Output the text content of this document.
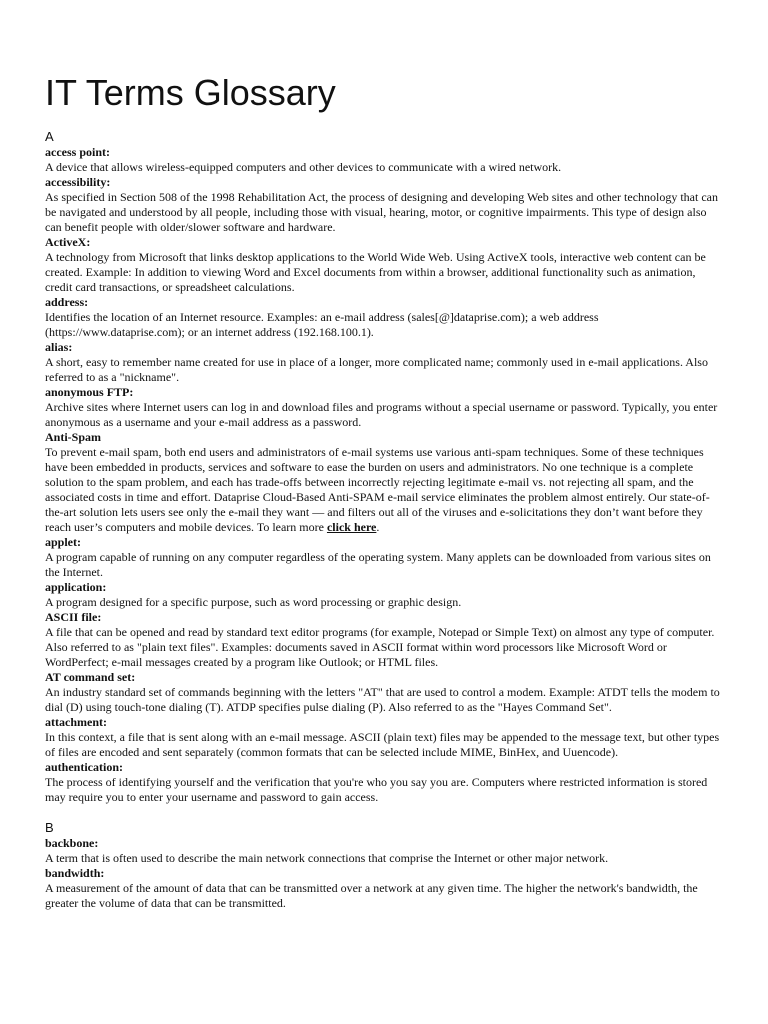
IT Terms Glossary
A
access point:
A device that allows wireless-equipped computers and other devices to communicate with a wired network.
accessibility:
As specified in Section 508 of the 1998 Rehabilitation Act, the process of designing and developing Web sites and other technology that can be navigated and understood by all people, including those with visual, hearing, motor, or cognitive impairments. This type of design also can benefit people with older/slower software and hardware.
ActiveX:
A technology from Microsoft that links desktop applications to the World Wide Web. Using ActiveX tools, interactive web content can be created. Example: In addition to viewing Word and Excel documents from within a browser, additional functionality such as animation, credit card transactions, or spreadsheet calculations.
address:
Identifies the location of an Internet resource. Examples: an e-mail address (sales[@]dataprise.com); a web address (https://www.dataprise.com); or an internet address (192.168.100.1).
alias:
A short, easy to remember name created for use in place of a longer, more complicated name; commonly used in e-mail applications. Also referred to as a "nickname".
anonymous FTP:
Archive sites where Internet users can log in and download files and programs without a special username or password. Typically, you enter anonymous as a username and your e-mail address as a password.
Anti-Spam
To prevent e-mail spam, both end users and administrators of e-mail systems use various anti-spam techniques. Some of these techniques have been embedded in products, services and software to ease the burden on users and administrators. No one technique is a complete solution to the spam problem, and each has trade-offs between incorrectly rejecting legitimate e-mail vs. not rejecting all spam, and the associated costs in time and effort. Dataprise Cloud-Based Anti-SPAM e-mail service eliminates the problem almost entirely. Our state-of-the-art solution lets users see only the e-mail they want — and filters out all of the viruses and e-solicitations they don’t want before they reach user’s computers and mobile devices. To learn more click here.
applet:
A program capable of running on any computer regardless of the operating system. Many applets can be downloaded from various sites on the Internet.
application:
A program designed for a specific purpose, such as word processing or graphic design.
ASCII file:
A file that can be opened and read by standard text editor programs (for example, Notepad or Simple Text) on almost any type of computer. Also referred to as "plain text files". Examples: documents saved in ASCII format within word processors like Microsoft Word or WordPerfect; e-mail messages created by a program like Outlook; or HTML files.
AT command set:
An industry standard set of commands beginning with the letters "AT" that are used to control a modem. Example: ATDT tells the modem to dial (D) using touch-tone dialing (T). ATDP specifies pulse dialing (P). Also referred to as the "Hayes Command Set".
attachment:
In this context, a file that is sent along with an e-mail message. ASCII (plain text) files may be appended to the message text, but other types of files are encoded and sent separately (common formats that can be selected include MIME, BinHex, and Uuencode).
authentication:
The process of identifying yourself and the verification that you're who you say you are. Computers where restricted information is stored may require you to enter your username and password to gain access.
B
backbone:
A term that is often used to describe the main network connections that comprise the Internet or other major network.
bandwidth:
A measurement of the amount of data that can be transmitted over a network at any given time. The higher the network's bandwidth, the greater the volume of data that can be transmitted.
